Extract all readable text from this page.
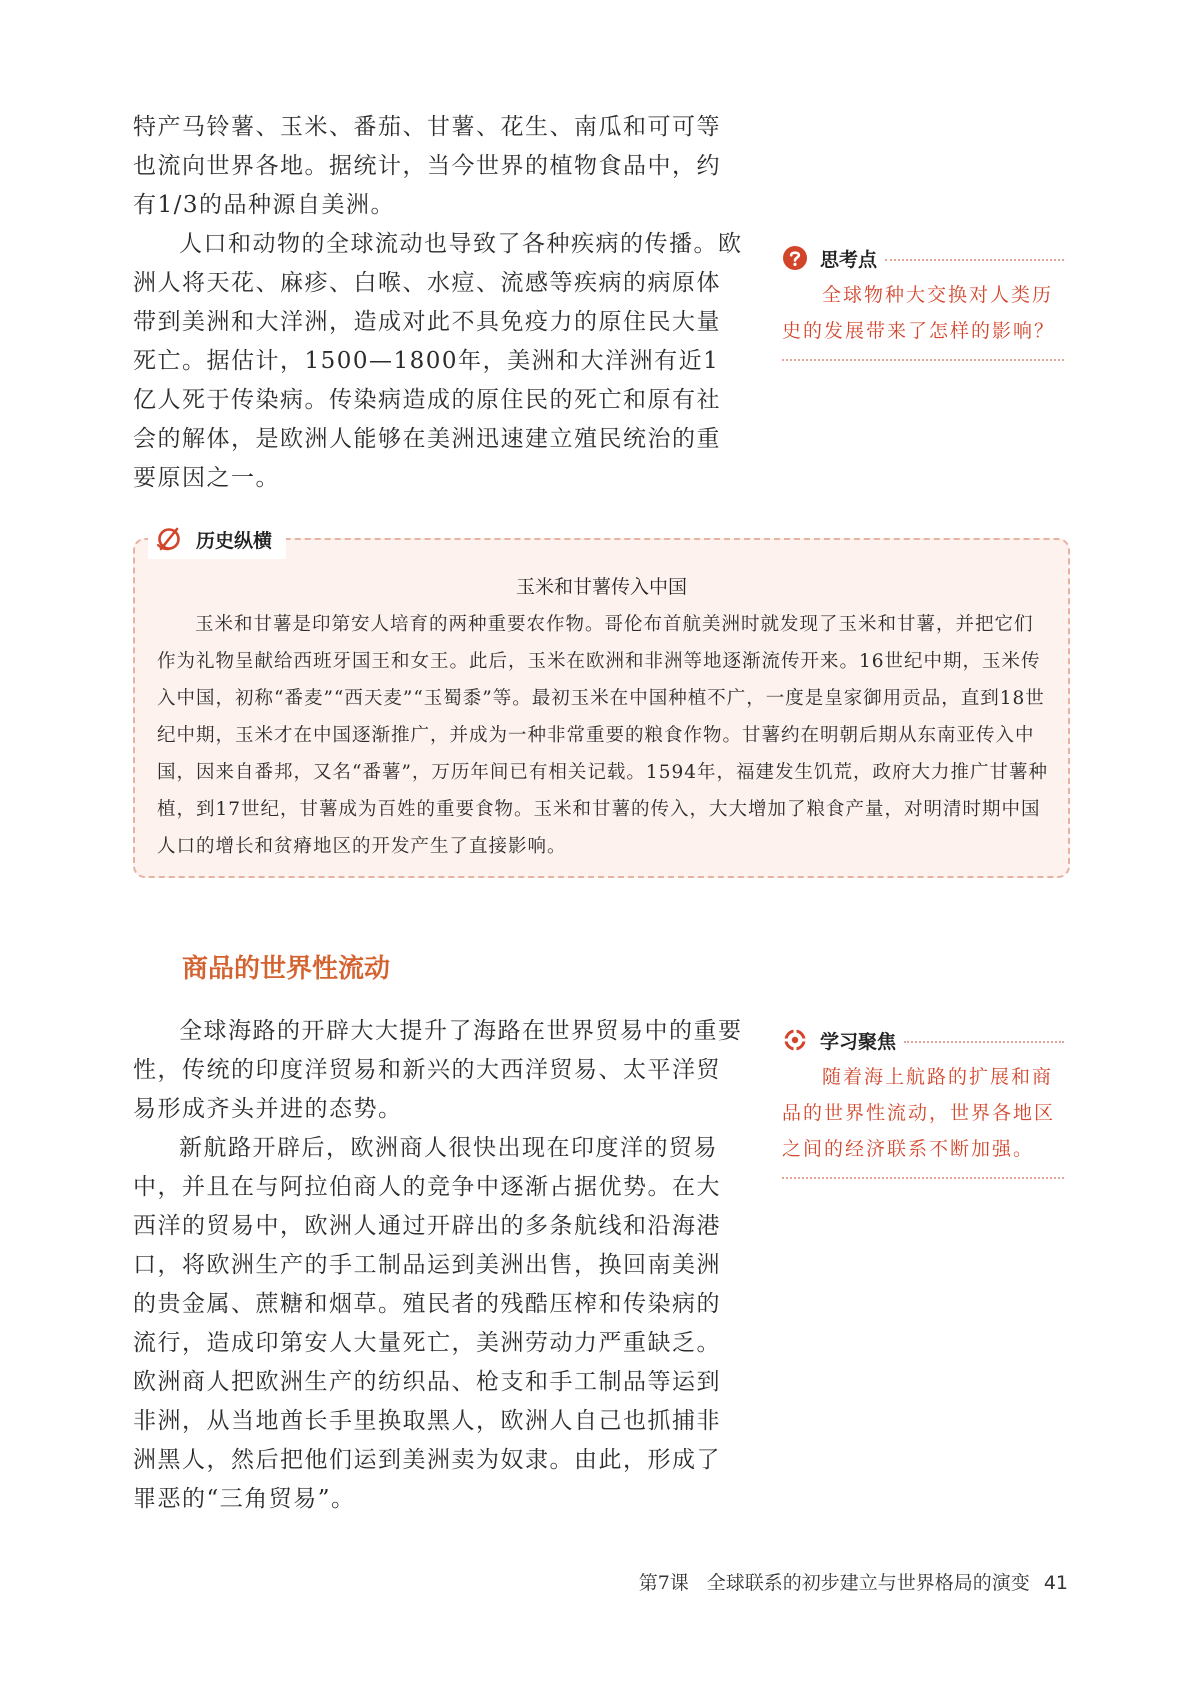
特产马铃薯、玉米、番茄、甘薯、花生、南瓜和可可等也流向世界各地。据统计，当今世界的植物食品中，约有1/3的品种源自美洲。

人口和动物的全球流动也导致了各种疾病的传播。欧洲人将天花、麻疹、白喉、水痘、流感等疾病的病原体带到美洲和大洋洲，造成对此不具免疫力的原住民大量死亡。据估计，1500—1800年，美洲和大洋洲有近1亿人死于传染病。传染病造成的原住民的死亡和原有社会的解体，是欧洲人能够在美洲迅速建立殖民统治的重要原因之一。

思考点

全球物种大交换对人类历史的发展带来了怎样的影响？

历史纵横
玉米和甘薯传入中国

玉米和甘薯是印第安人培育的两种重要农作物。哥伦布首航美洲时就发现了玉米和甘薯，并把它们作为礼物呈献给西班牙国王和女王。此后，玉米在欧洲和非洲等地逐渐流传开来。16世纪中期，玉米传入中国，初称“番麦”“西天麦”“玉蜀黍”等。最初玉米在中国种植不广，一度是皇家御用贡品，直到18世纪中期，玉米才在中国逐渐推广，并成为一种非常重要的粮食作物。甘薯约在明朝后期从东南亚传入中国，因来自番邦，又名“番薯”，万历年间已有相关记载。1594年，福建发生饥荒，政府大力推广甘薯种植，到17世纪，甘薯成为百姓的重要食物。玉米和甘薯的传入，大大增加了粮食产量，对明清时期中国人口的增长和贫瘠地区的开发产生了直接影响。

商品的世界性流动

全球海路的开辟大大提升了海路在世界贸易中的重要性，传统的印度洋贸易和新兴的大西洋贸易、太平洋贸易形成齐头并进的态势。

新航路开辟后，欧洲商人很快出现在印度洋的贸易中，并且在与阿拉伯商人的竞争中逐渐占据优势。在大西洋的贸易中，欧洲人通过开辟出的多条航线和沿海港口，将欧洲生产的手工制品运到美洲出售，换回南美洲的贵金属、蔗糖和烟草。殖民者的残酷压榨和传染病的流行，造成印第安人大量死亡，美洲劳动力严重缺乏。欧洲商人把欧洲生产的纺织品、枪支和手工制品等运到非洲，从当地酋长手里换取黑人，欧洲人自己也抓捕非洲黑人，然后把他们运到美洲卖为奴隶。由此，形成了罪恶的“三角贸易”。

学习聚焦

随着海上航路的扩展和商品的世界性流动，世界各地区之间的经济联系不断加强。

第7课 全球联系的初步建立与世界格局的演变 41
